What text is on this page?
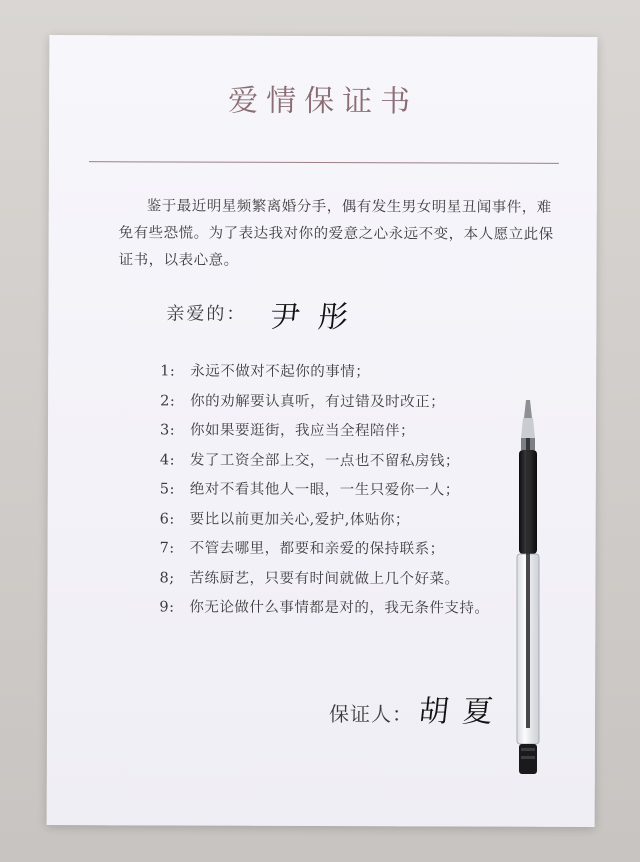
爱情保证书
鉴于最近明星频繁离婚分手，偶有发生男女明星丑闻事件，难免有些恐慌。为了表达我对你的爱意之心永远不变，本人愿立此保证书，以表心意。
亲爱的： 尹彤
1: 永远不做对不起你的事情；
2: 你的劝解要认真听，有过错及时改正；
3: 你如果要逛街，我应当全程陪伴；
4: 发了工资全部上交，一点也不留私房钱；
5: 绝对不看其他人一眼，一生只爱你一人；
6: 要比以前更加关心,爱护,体贴你；
7: 不管去哪里，都要和亲爱的保持联系；
8; 苦练厨艺，只要有时间就做上几个好菜。
9: 你无论做什么事情都是对的，我无条件支持。
保证人： 胡夏
